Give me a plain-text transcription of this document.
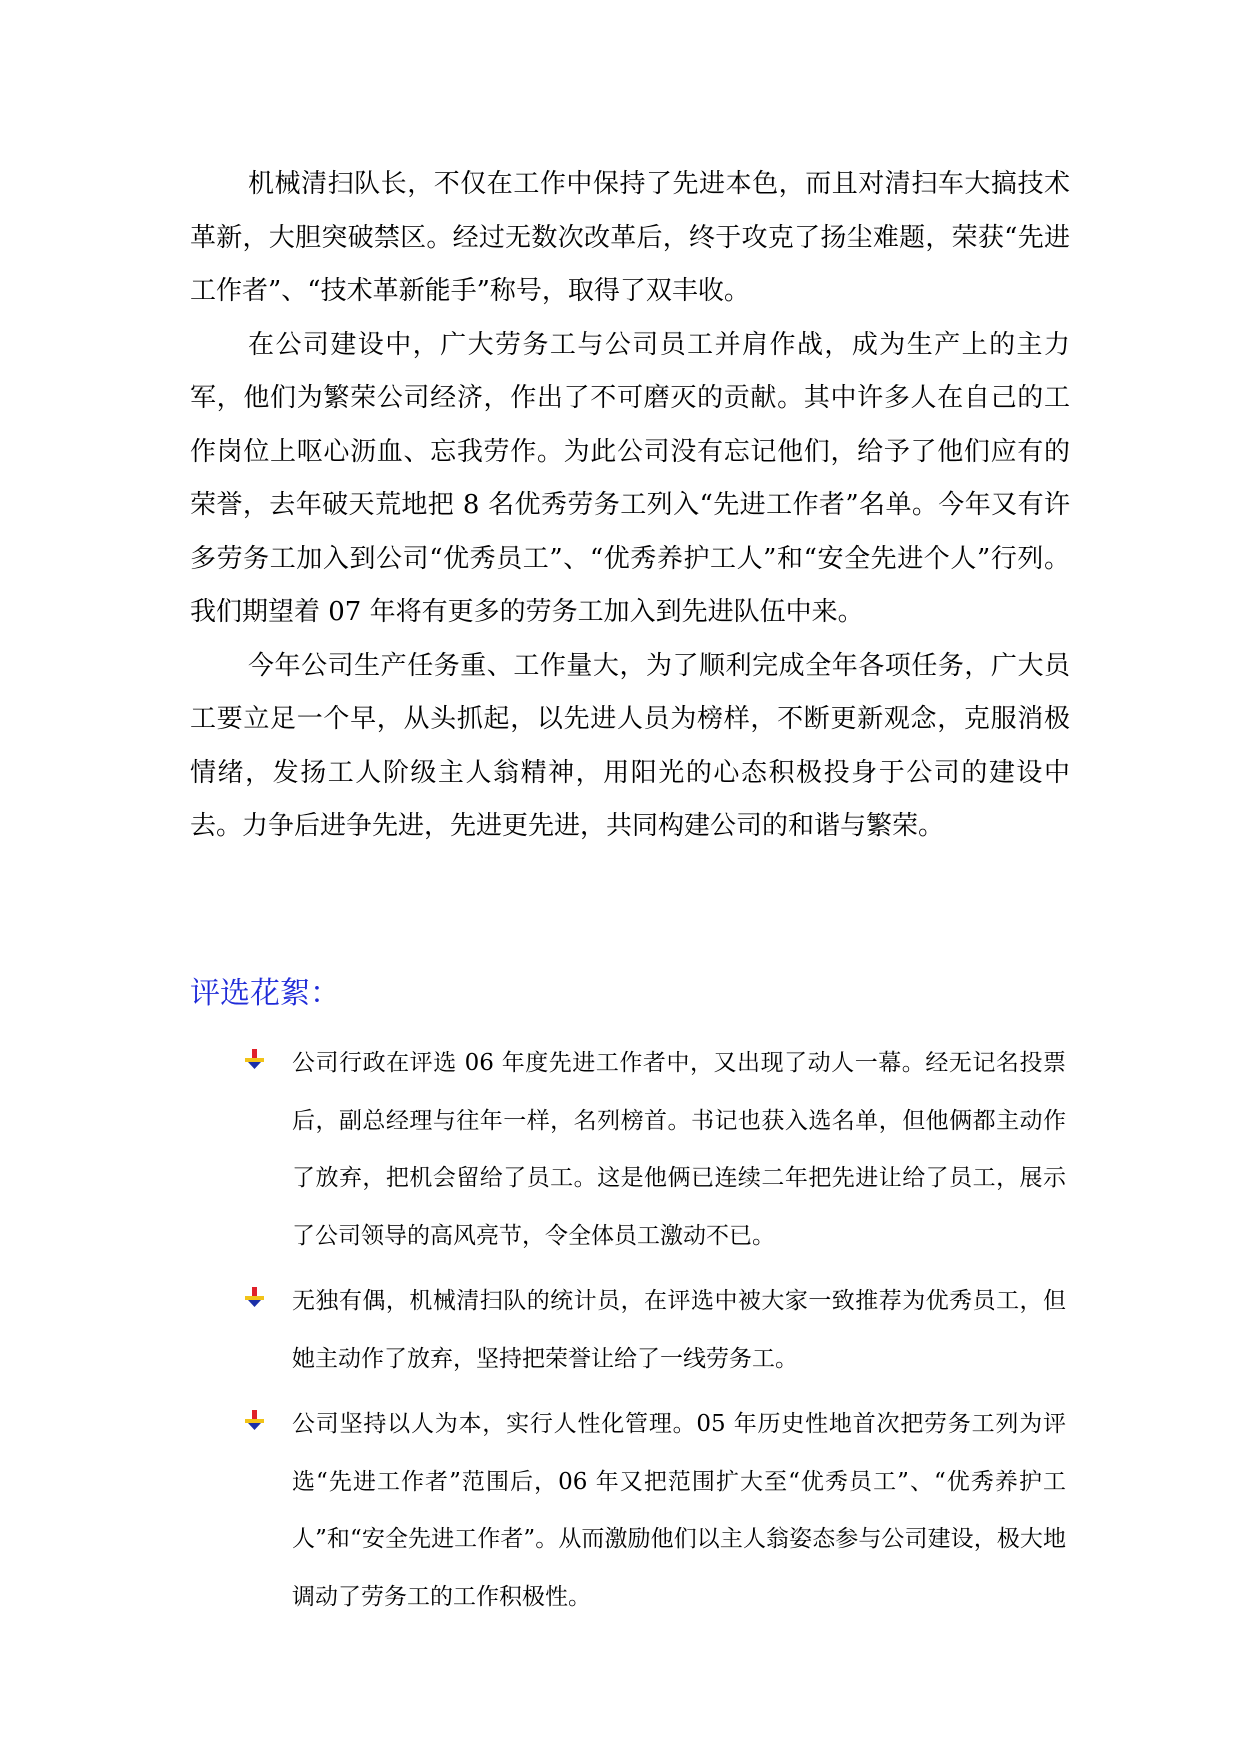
机械清扫队长，不仅在工作中保持了先进本色，而且对清扫车大搞技术革新，大胆突破禁区。经过无数次改革后，终于攻克了扬尘难题，荣获“先进工作者”、“技术革新能手”称号，取得了双丰收。

在公司建设中，广大劳务工与公司员工并肩作战，成为生产上的主力军，他们为繁荣公司经济，作出了不可磨灭的贡献。其中许多人在自己的工作岗位上呕心沥血、忘我劳作。为此公司没有忘记他们，给予了他们应有的荣誉，去年破天荒地把 8 名优秀劳务工列入“先进工作者”名单。今年又有许多劳务工加入到公司“优秀员工”、“优秀养护工人”和“安全先进个人”行列。我们期望着 07 年将有更多的劳务工加入到先进队伍中来。

今年公司生产任务重、工作量大，为了顺利完成全年各项任务，广大员工要立足一个早，从头抓起，以先进人员为榜样，不断更新观念，克服消极情绪，发扬工人阶级主人翁精神，用阳光的心态积极投身于公司的建设中去。力争后进争先进，先进更先进，共同构建公司的和谐与繁荣。

评选花絮：
公司行政在评选 06 年度先进工作者中，又出现了动人一幕。经无记名投票后，副总经理与往年一样，名列榜首。书记也获入选名单，但他俩都主动作了放弃，把机会留给了员工。这是他俩已连续二年把先进让给了员工，展示了公司领导的高风亮节，令全体员工激动不已。
无独有偶，机械清扫队的统计员，在评选中被大家一致推荐为优秀员工，但她主动作了放弃，坚持把荣誉让给了一线劳务工。
公司坚持以人为本，实行人性化管理。05 年历史性地首次把劳务工列为评选“先进工作者”范围后，06 年又把范围扩大至“优秀员工”、“优秀养护工人”和“安全先进工作者”。从而激励他们以主人翁姿态参与公司建设，极大地调动了劳务工的工作积极性。
